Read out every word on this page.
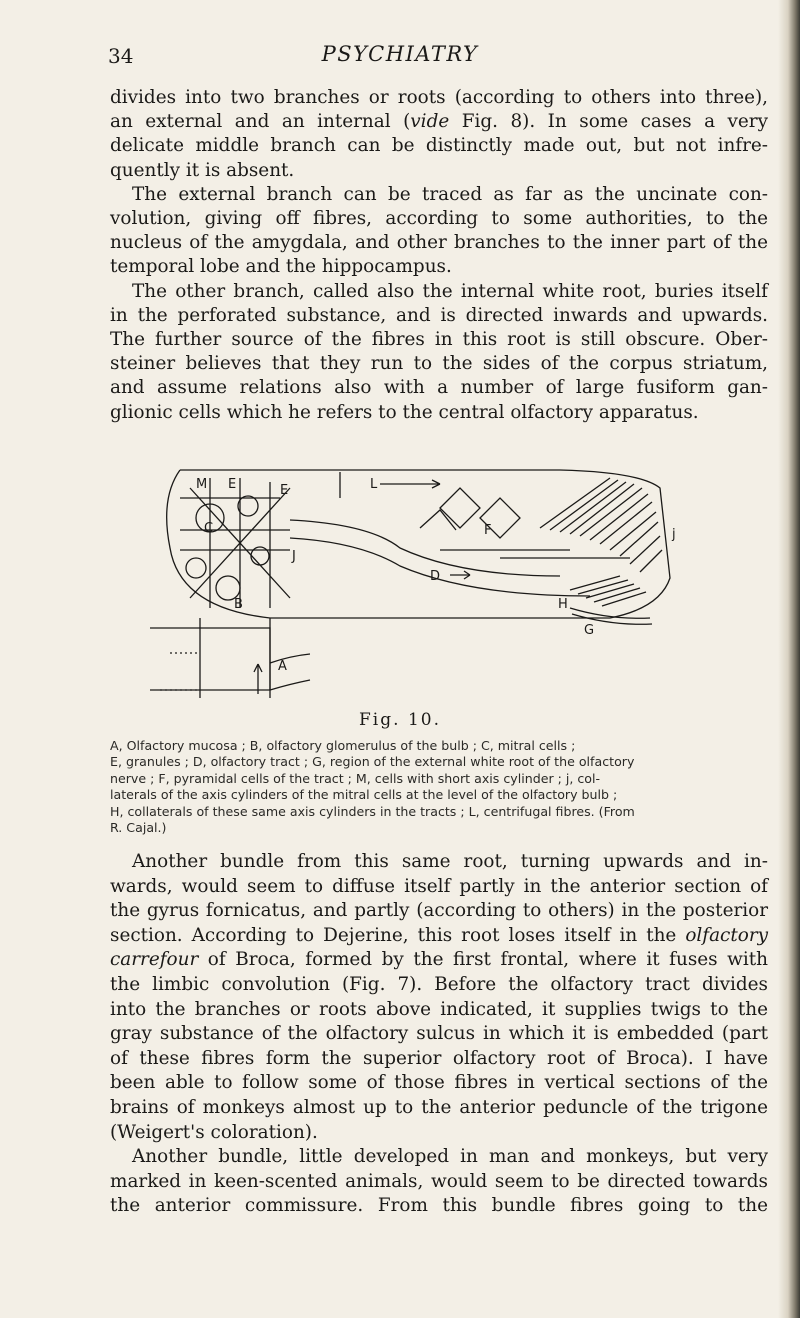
34	PSYCHIATRY
divides into two branches or roots (according to others into three),
an external and an internal (vide Fig. 8). In some cases a very
delicate middle branch can be distinctly made out, but not infre-
quently it is absent.
The external branch can be traced as far as the uncinate con-
volution, giving off fibres, according to some authorities, to the
nucleus of the amygdala, and other branches to the inner part of the
temporal lobe and the hippocampus.
The other branch, called also the internal white root, buries itself
in the perforated substance, and is directed inwards and upwards.
The further source of the fibres in this root is still obscure. Ober-
steiner believes that they run to the sides of the corpus striatum,
and assume relations also with a number of large fusiform gan-
glionic cells which he refers to the central olfactory apparatus.
M E	E	L
C
J
F	j
D
B	H
G
A
Fig. 10.
A, Olfactory mucosa ; B, olfactory glomerulus of the bulb ; C, mitral cells ;
E, granules ; D, olfactory tract ; G, region of the external white root of the olfactory
nerve ; F, pyramidal cells of the tract ; M, cells with short axis cylinder ; j, col-
laterals of the axis cylinders of the mitral cells at the level of the olfactory bulb ;
H, collaterals of these same axis cylinders in the tracts ; L, centrifugal fibres. (From
R. Cajal.)
Another bundle from this same root, turning upwards and in-
wards, would seem to diffuse itself partly in the anterior section of
the gyrus fornicatus, and partly (according to others) in the posterior
section. According to Dejerine, this root loses itself in the olfactory
carrefour of Broca, formed by the first frontal, where it fuses with
the limbic convolution (Fig. 7). Before the olfactory tract divides
into the branches or roots above indicated, it supplies twigs to the
gray substance of the olfactory sulcus in which it is embedded (part
of these fibres form the superior olfactory root of Broca). I have
been able to follow some of those fibres in vertical sections of the
brains of monkeys almost up to the anterior peduncle of the trigone
(Weigert's coloration).
Another bundle, little developed in man and monkeys, but very
marked in keen-scented animals, would seem to be directed towards
the anterior commissure. From this bundle fibres going to the
